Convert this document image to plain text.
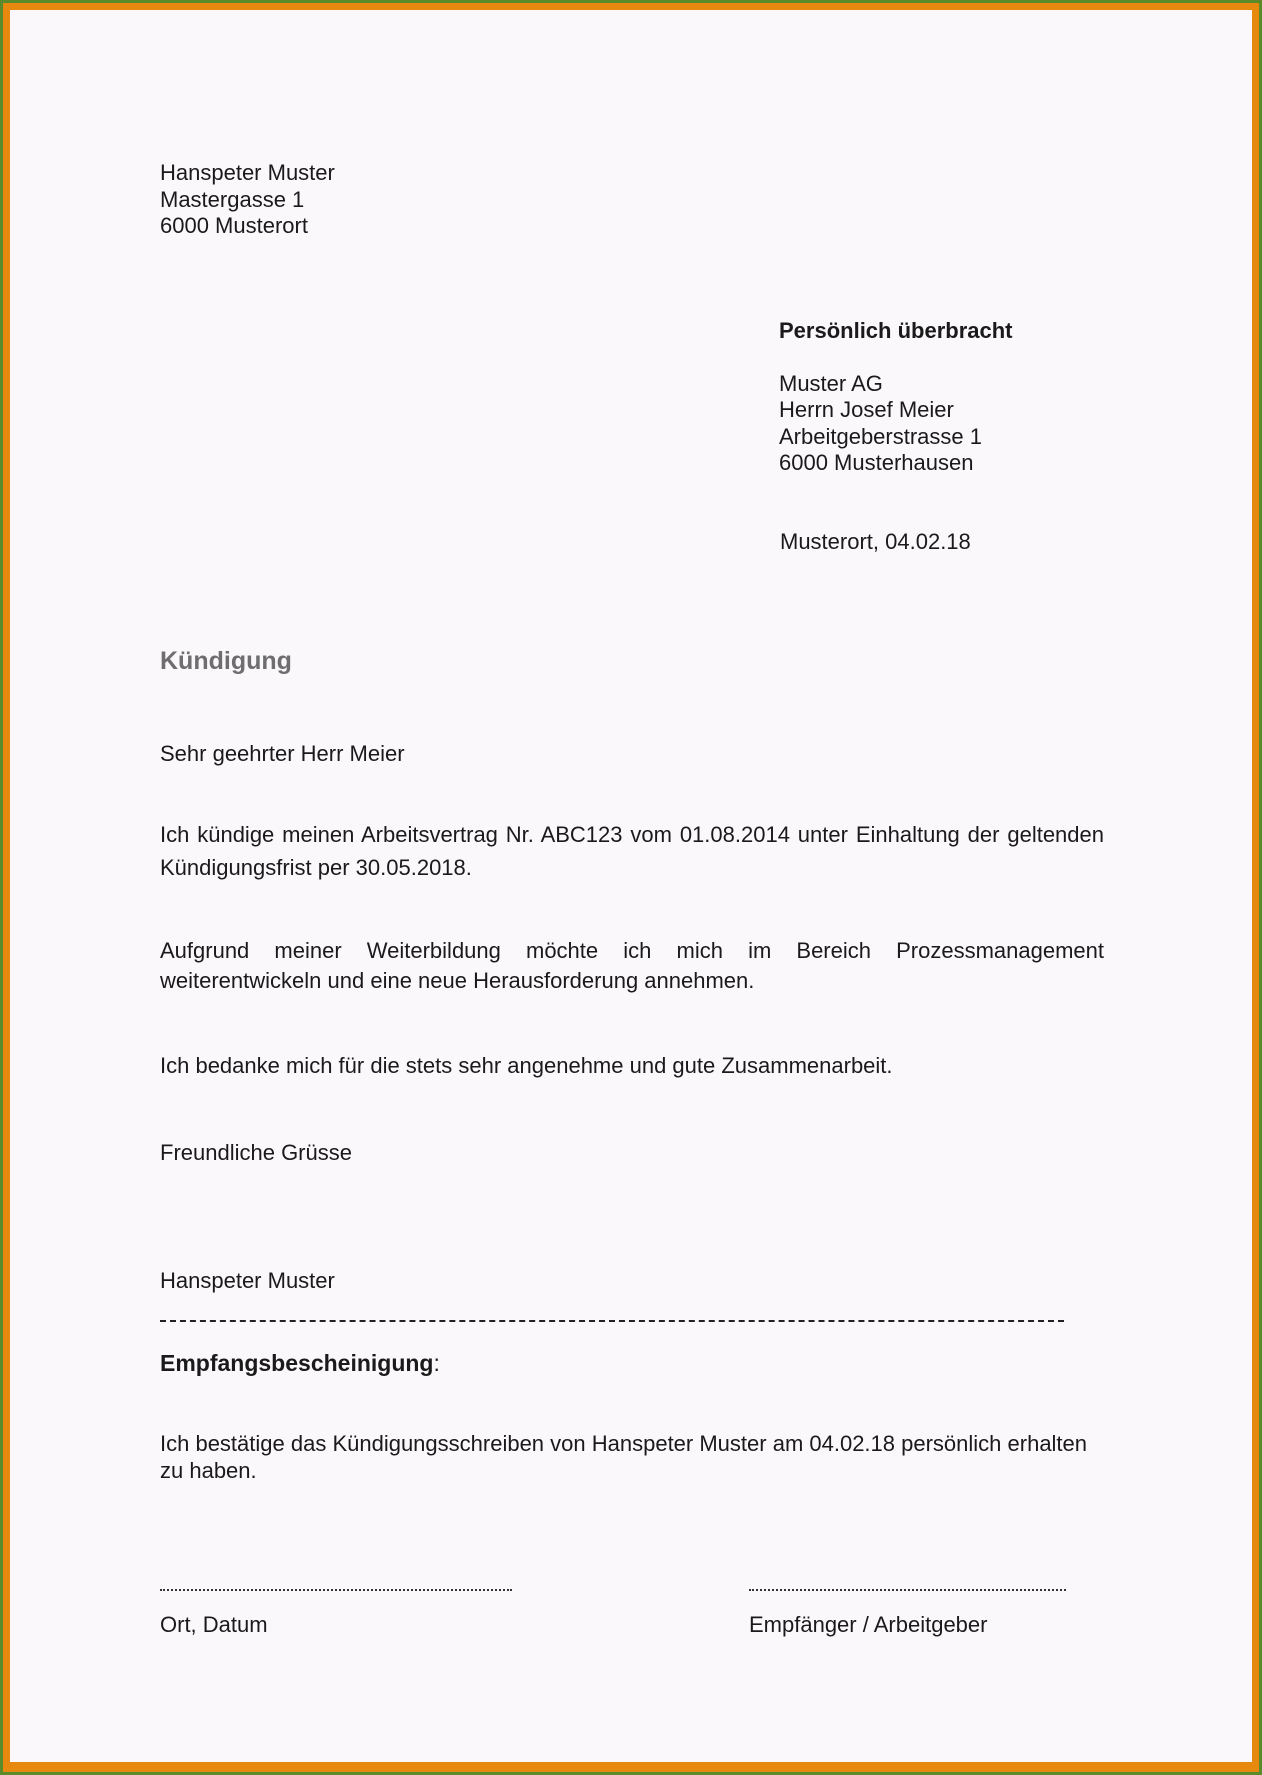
Hanspeter Muster
Mastergasse 1
6000 Musterort
Persönlich überbracht
Muster AG
Herrn Josef Meier
Arbeitgeberstrasse 1
6000 Musterhausen
Musterort, 04.02.18
Kündigung
Sehr geehrter Herr Meier
Ich kündige meinen Arbeitsvertrag Nr. ABC123 vom 01.08.2014 unter Einhaltung der geltenden
Kündigungsfrist per 30.05.2018.
Aufgrund meiner Weiterbildung möchte ich mich im Bereich Prozessmanagement
weiterentwickeln und eine neue Herausforderung annehmen.
Ich bedanke mich für die stets sehr angenehme und gute Zusammenarbeit.
Freundliche Grüsse
Hanspeter Muster
Empfangsbescheinigung:
Ich bestätige das Kündigungsschreiben von Hanspeter Muster am 04.02.18 persönlich erhalten
zu haben.
Ort, Datum	Empfänger / Arbeitgeber
